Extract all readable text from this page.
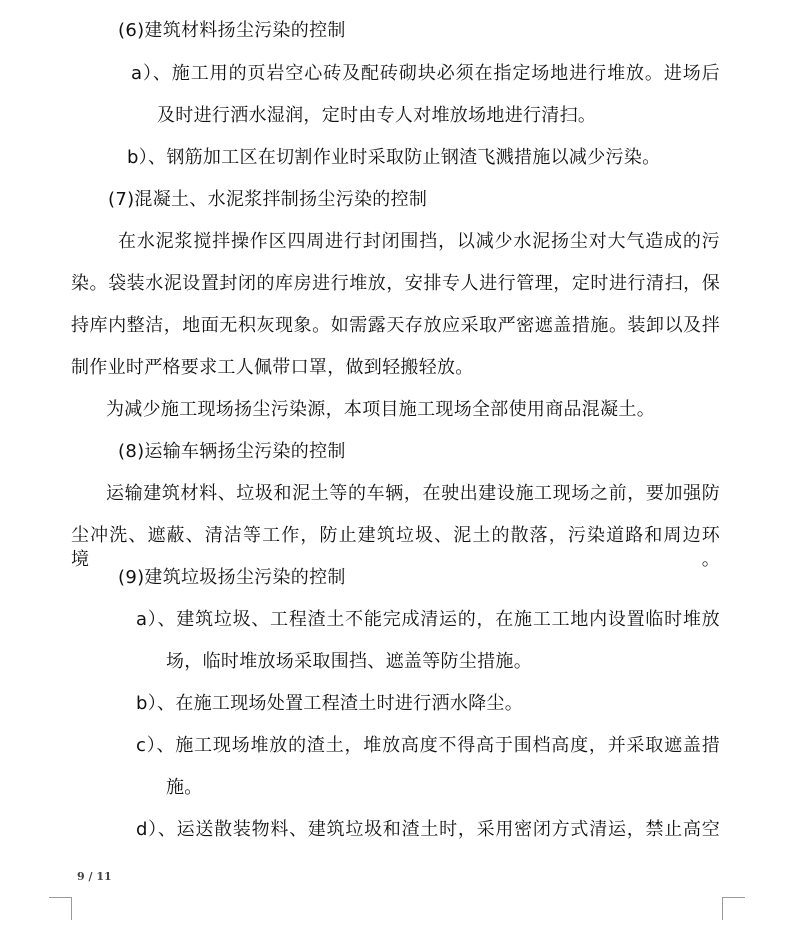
(6)建筑材料扬尘污染的控制
a）、施工用的页岩空心砖及配砖砌块必须在指定场地进行堆放。进场后
及时进行洒水湿润，定时由专人对堆放场地进行清扫。
b）、钢筋加工区在切割作业时采取防止钢渣飞溅措施以减少污染。
(7)混凝土、水泥浆拌制扬尘污染的控制
在水泥浆搅拌操作区四周进行封闭围挡，以减少水泥扬尘对大气造成的污
染。袋装水泥设置封闭的库房进行堆放，安排专人进行管理，定时进行清扫，保
持库内整洁，地面无积灰现象。如需露天存放应采取严密遮盖措施。装卸以及拌
制作业时严格要求工人佩带口罩，做到轻搬轻放。
为减少施工现场扬尘污染源，本项目施工现场全部使用商品混凝土。
(8)运输车辆扬尘污染的控制
运输建筑材料、垃圾和泥土等的车辆，在驶出建设施工现场之前，要加强防
尘冲洗、遮蔽、清洁等工作，防止建筑垃圾、泥土的散落，污染道路和周边环境。
(9)建筑垃圾扬尘污染的控制
a）、建筑垃圾、工程渣土不能完成清运的，在施工工地内设置临时堆放
场，临时堆放场采取围挡、遮盖等防尘措施。
b）、在施工现场处置工程渣土时进行洒水降尘。
c）、施工现场堆放的渣土，堆放高度不得高于围档高度，并采取遮盖措
施。
d）、运送散装物料、建筑垃圾和渣土时，采用密闭方式清运，禁止高空
9 / 11
